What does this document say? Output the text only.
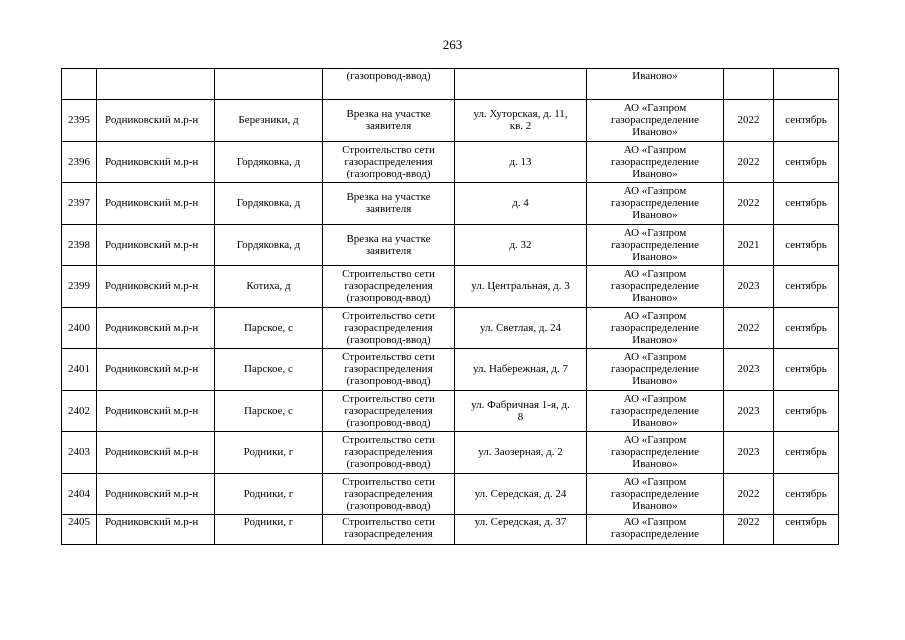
263

			(газопровод-ввод)		Иваново»		

2395	Родниковский м.р-н	Березники, д	Врезка на участке
заявителя	ул. Хуторская, д. 11,
кв. 2	АО «Газпром
газораспределение
Иваново»	2022	сентябрь
2396	Родниковский м.р-н	Гордяковка, д	Строительство сети
газораспределения
(газопровод-ввод)	д. 13	АО «Газпром
газораспределение
Иваново»	2022	сентябрь
2397	Родниковский м.р-н	Гордяковка, д	Врезка на участке
заявителя	д. 4	АО «Газпром
газораспределение
Иваново»	2022	сентябрь
2398	Родниковский м.р-н	Гордяковка, д	Врезка на участке
заявителя	д. 32	АО «Газпром
газораспределение
Иваново»	2021	сентябрь
2399	Родниковский м.р-н	Котиха, д	Строительство сети
газораспределения
(газопровод-ввод)	ул. Центральная, д. 3	АО «Газпром
газораспределение
Иваново»	2023	сентябрь
2400	Родниковский м.р-н	Парское, с	Строительство сети
газораспределения
(газопровод-ввод)	ул. Светлая, д. 24	АО «Газпром
газораспределение
Иваново»	2022	сентябрь
2401	Родниковский м.р-н	Парское, с	Строительство сети
газораспределения
(газопровод-ввод)	ул. Набережная, д. 7	АО «Газпром
газораспределение
Иваново»	2023	сентябрь
2402	Родниковский м.р-н	Парское, с	Строительство сети
газораспределения
(газопровод-ввод)	ул. Фабричная 1-я, д.
8	АО «Газпром
газораспределение
Иваново»	2023	сентябрь
2403	Родниковский м.р-н	Родники, г	Строительство сети
газораспределения
(газопровод-ввод)	ул. Заозерная, д. 2	АО «Газпром
газораспределение
Иваново»	2023	сентябрь
2404	Родниковский м.р-н	Родники, г	Строительство сети
газораспределения
(газопровод-ввод)	ул. Середская, д. 24	АО «Газпром
газораспределение
Иваново»	2022	сентябрь
2405	Родниковский м.р-н	Родники, г	Строительство сети
газораспределения	ул. Середская, д. 37	АО «Газпром
газораспределение	2022	сентябрь
